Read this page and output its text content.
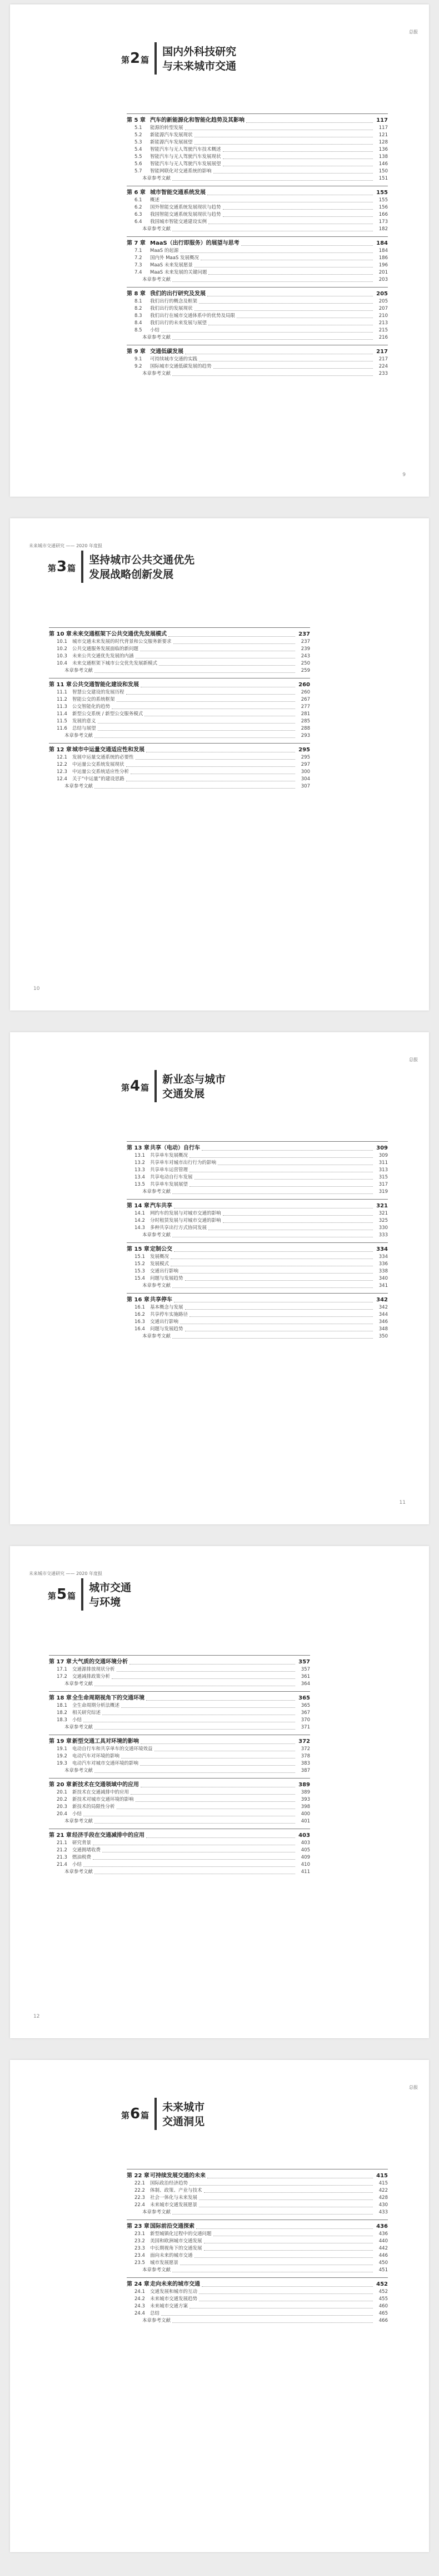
总报
第2篇
国内外科技研究
与未来城市交通
第 5 章 汽车的新能源化和智能化趋势及其影响	117
5.1	能源的转型发展	117
5.2	新能源汽车发展现状	121
5.3	新能源汽车发展展望	128
5.4	智能汽车与无人驾驶汽车技术概述	136
5.5	智能汽车与无人驾驶汽车发展现状	138
5.6	智能汽车与无人驾驶汽车发展展望	146
5.7	智能网联化对交通系统的影响	150
本章参考文献	151
第 6 章 城市智能交通系统发展	155
6.1	概述	155
6.2	国外智能交通系统发展现状与趋势	156
6.3	我国智能交通系统发展现状与趋势	166
6.4	我国城市智能交通建设实例	173
本章参考文献	182
第 7 章 MaaS（出行即服务）的展望与思考	184
7.1	MaaS 的起源	184
7.2	国内外 MaaS 发展概况	186
7.3	MaaS 未来发展愿景	196
7.4	MaaS 未来发展的关键问题	201
本章参考文献	203
第 8 章 我们的出行研究及发展	205
8.1	我们出行的概念及框架	205
8.2	我们出行的发展现状	207
8.3	我们出行在城市交通体系中的优势及局限	210
8.4	我们出行的未来发展与展望	213
8.5	小结	215
本章参考文献	216
第 9 章 交通低碳发展	217
9.1	可持续城市交通的实践	217
9.2	国际城市交通低碳发展的趋势	224
本章参考文献	233
9
未来城市交通研究 —— 2020 年度报
第3篇
坚持城市公共交通优先
发展战略创新发展
第 10 章 未来交通框架下公共交通优先发展模式	237
10.1	城市交通未来发展的时代背景和公交服务新要求	237
10.2	公共交通服务发展面临的新问题	239
10.3	未来公共交通优先发展的内涵	243
10.4	未来交通框架下城市公交优先发展新模式	250
本章参考文献	259
第 11 章 公共交通智能化建设和发展	260
11.1	智慧公交建设的发展历程	260
11.2	智能公交的系统框架	267
11.3	公交智能化的趋势	277
11.4	新型公交系统 / 新型公交服务模式	281
11.5	发展的意义	285
11.6	总结与展望	288
本章参考文献	293
第 12 章 城市中运量交通适应性和发展	295
12.1	发展中运量交通系统的必要性	295
12.2	中运量公交系统发展现状	297
12.3	中运量公交系统适应性分析	300
12.4	关于“中运量”的建设思路	304
本章参考文献	307
10
总报
第4篇
新业态与城市
交通发展
第 13 章 共享（电动）自行车	309
13.1	共享单车发展概况	309
13.2	共享单车对城市出行行为的影响	311
13.3	共享单车运营管理	313
13.4	共享电动自行车发展	315
13.5	共享单车发展展望	317
本章参考文献	319
第 14 章 汽车共享	321
14.1	网约车的发展与对城市交通的影响	321
14.2	分时租赁发展与对城市交通的影响	325
14.3	多种共享出行方式协同发展	330
本章参考文献	333
第 15 章 定制公交	334
15.1	发展概况	334
15.2	发展模式	336
15.3	交通出行影响	338
15.4	问题与发展趋势	340
本章参考文献	341
第 16 章 共享停车	342
16.1	基本概念与发展	342
16.2	共享停车实施路径	344
16.3	交通出行影响	346
16.4	问题与发展趋势	348
本章参考文献	350
11
未来城市交通研究 —— 2020 年度报
第5篇
城市交通
与环境
第 17 章 大气质的交通环境分析	357
17.1	交通源排放现状分析	357
17.2	交通减排政策分析	361
本章参考文献	364
第 18 章 全生命周期视角下的交通环境	365
18.1	全生命周期分析法概述	365
18.2	相关研究综述	367
18.3	小结	370
本章参考文献	371
第 19 章 新型交通工具对环境的影响	372
19.1	电动自行车和共享单车的交通环境效益	372
19.2	电动汽车对环境的影响	378
19.3	电动汽车对城市交通环境的影响	383
本章参考文献	387
第 20 章 新技术在交通领域中的应用	389
20.1	新技术在交通减排中的应用	389
20.2	新技术对城市交通环境的影响	393
20.3	新技术的局限性分析	398
20.4	小结	400
本章参考文献	401
第 21 章 经济手段在交通减排中的应用	403
21.1	研究背景	403
21.2	交通拥堵收费	405
21.3	燃油税费	409
21.4	小结	410
本章参考文献	411
12
总报
第6篇
未来城市
交通洞见
第 22 章 可持续发展交通的未来	415
22.1	国际政治经济趋势	415
22.2	体制、政策、产业与技术	422
22.3	社会一体化与未来发展	428
22.4	未来城市交通发展愿景	430
本章参考文献	433
第 23 章 国际前沿交通探索	436
23.1	新型城镇化过程中的交通问题	436
23.2	美国和欧洲城市交通发展	440
23.3	中长期视角下的交通发展	442
23.4	面向未来的城市交通	446
23.5	城市发展愿景	450
本章参考文献	451
第 24 章 走向未来的城市交通	452
24.1	交通发展和城市的互动	452
24.2	未来城市交通发展趋势	455
24.3	未来城市交通方案	460
24.4	总结	465
本章参考文献	466
